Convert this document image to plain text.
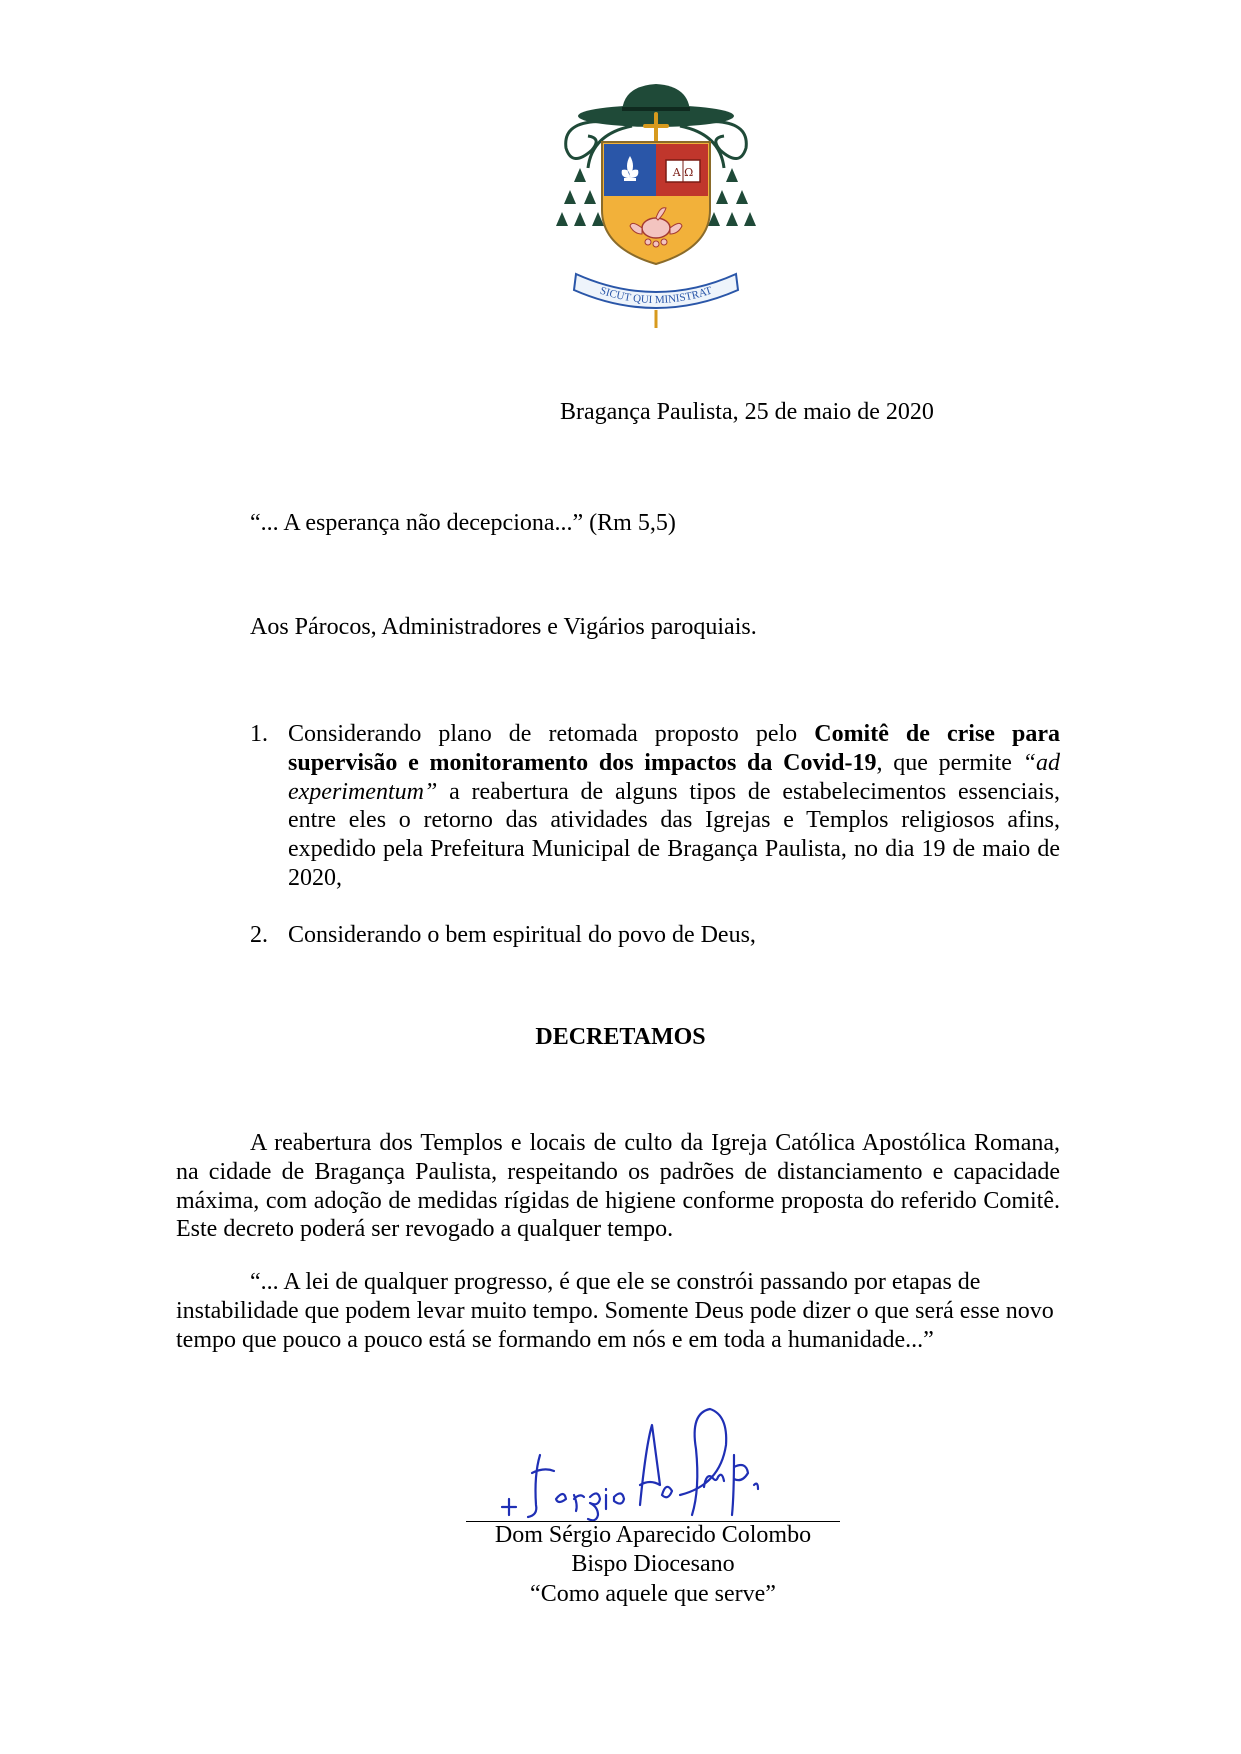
A Ω
SICUT QUI MINISTRAT
Bragança Paulista, 25 de maio de 2020
“... A esperança não decepciona...” (Rm 5,5)
Aos Párocos, Administradores e Vigários paroquiais.
1. Considerando plano de retomada proposto pelo Comitê de crise para supervisão e monitoramento dos impactos da Covid-19, que permite “ad experimentum” a reabertura de alguns tipos de estabelecimentos essenciais, entre eles o retorno das atividades das Igrejas e Templos religiosos afins, expedido pela Prefeitura Municipal de Bragança Paulista, no dia 19 de maio de 2020,
2. Considerando o bem espiritual do povo de Deus,
DECRETAMOS
A reabertura dos Templos e locais de culto da Igreja Católica Apostólica Romana, na cidade de Bragança Paulista, respeitando os padrões de distanciamento e capacidade máxima, com adoção de medidas rígidas de higiene conforme proposta do referido Comitê. Este decreto poderá ser revogado a qualquer tempo.
“... A lei de qualquer progresso, é que ele se constrói passando por etapas de instabilidade que podem levar muito tempo. Somente Deus pode dizer o que será esse novo tempo que pouco a pouco está se formando em nós e em toda a humanidade...”
+ Sérgio Ap. Colombo
Dom Sérgio Aparecido Colombo
Bispo Diocesano
“Como aquele que serve”
